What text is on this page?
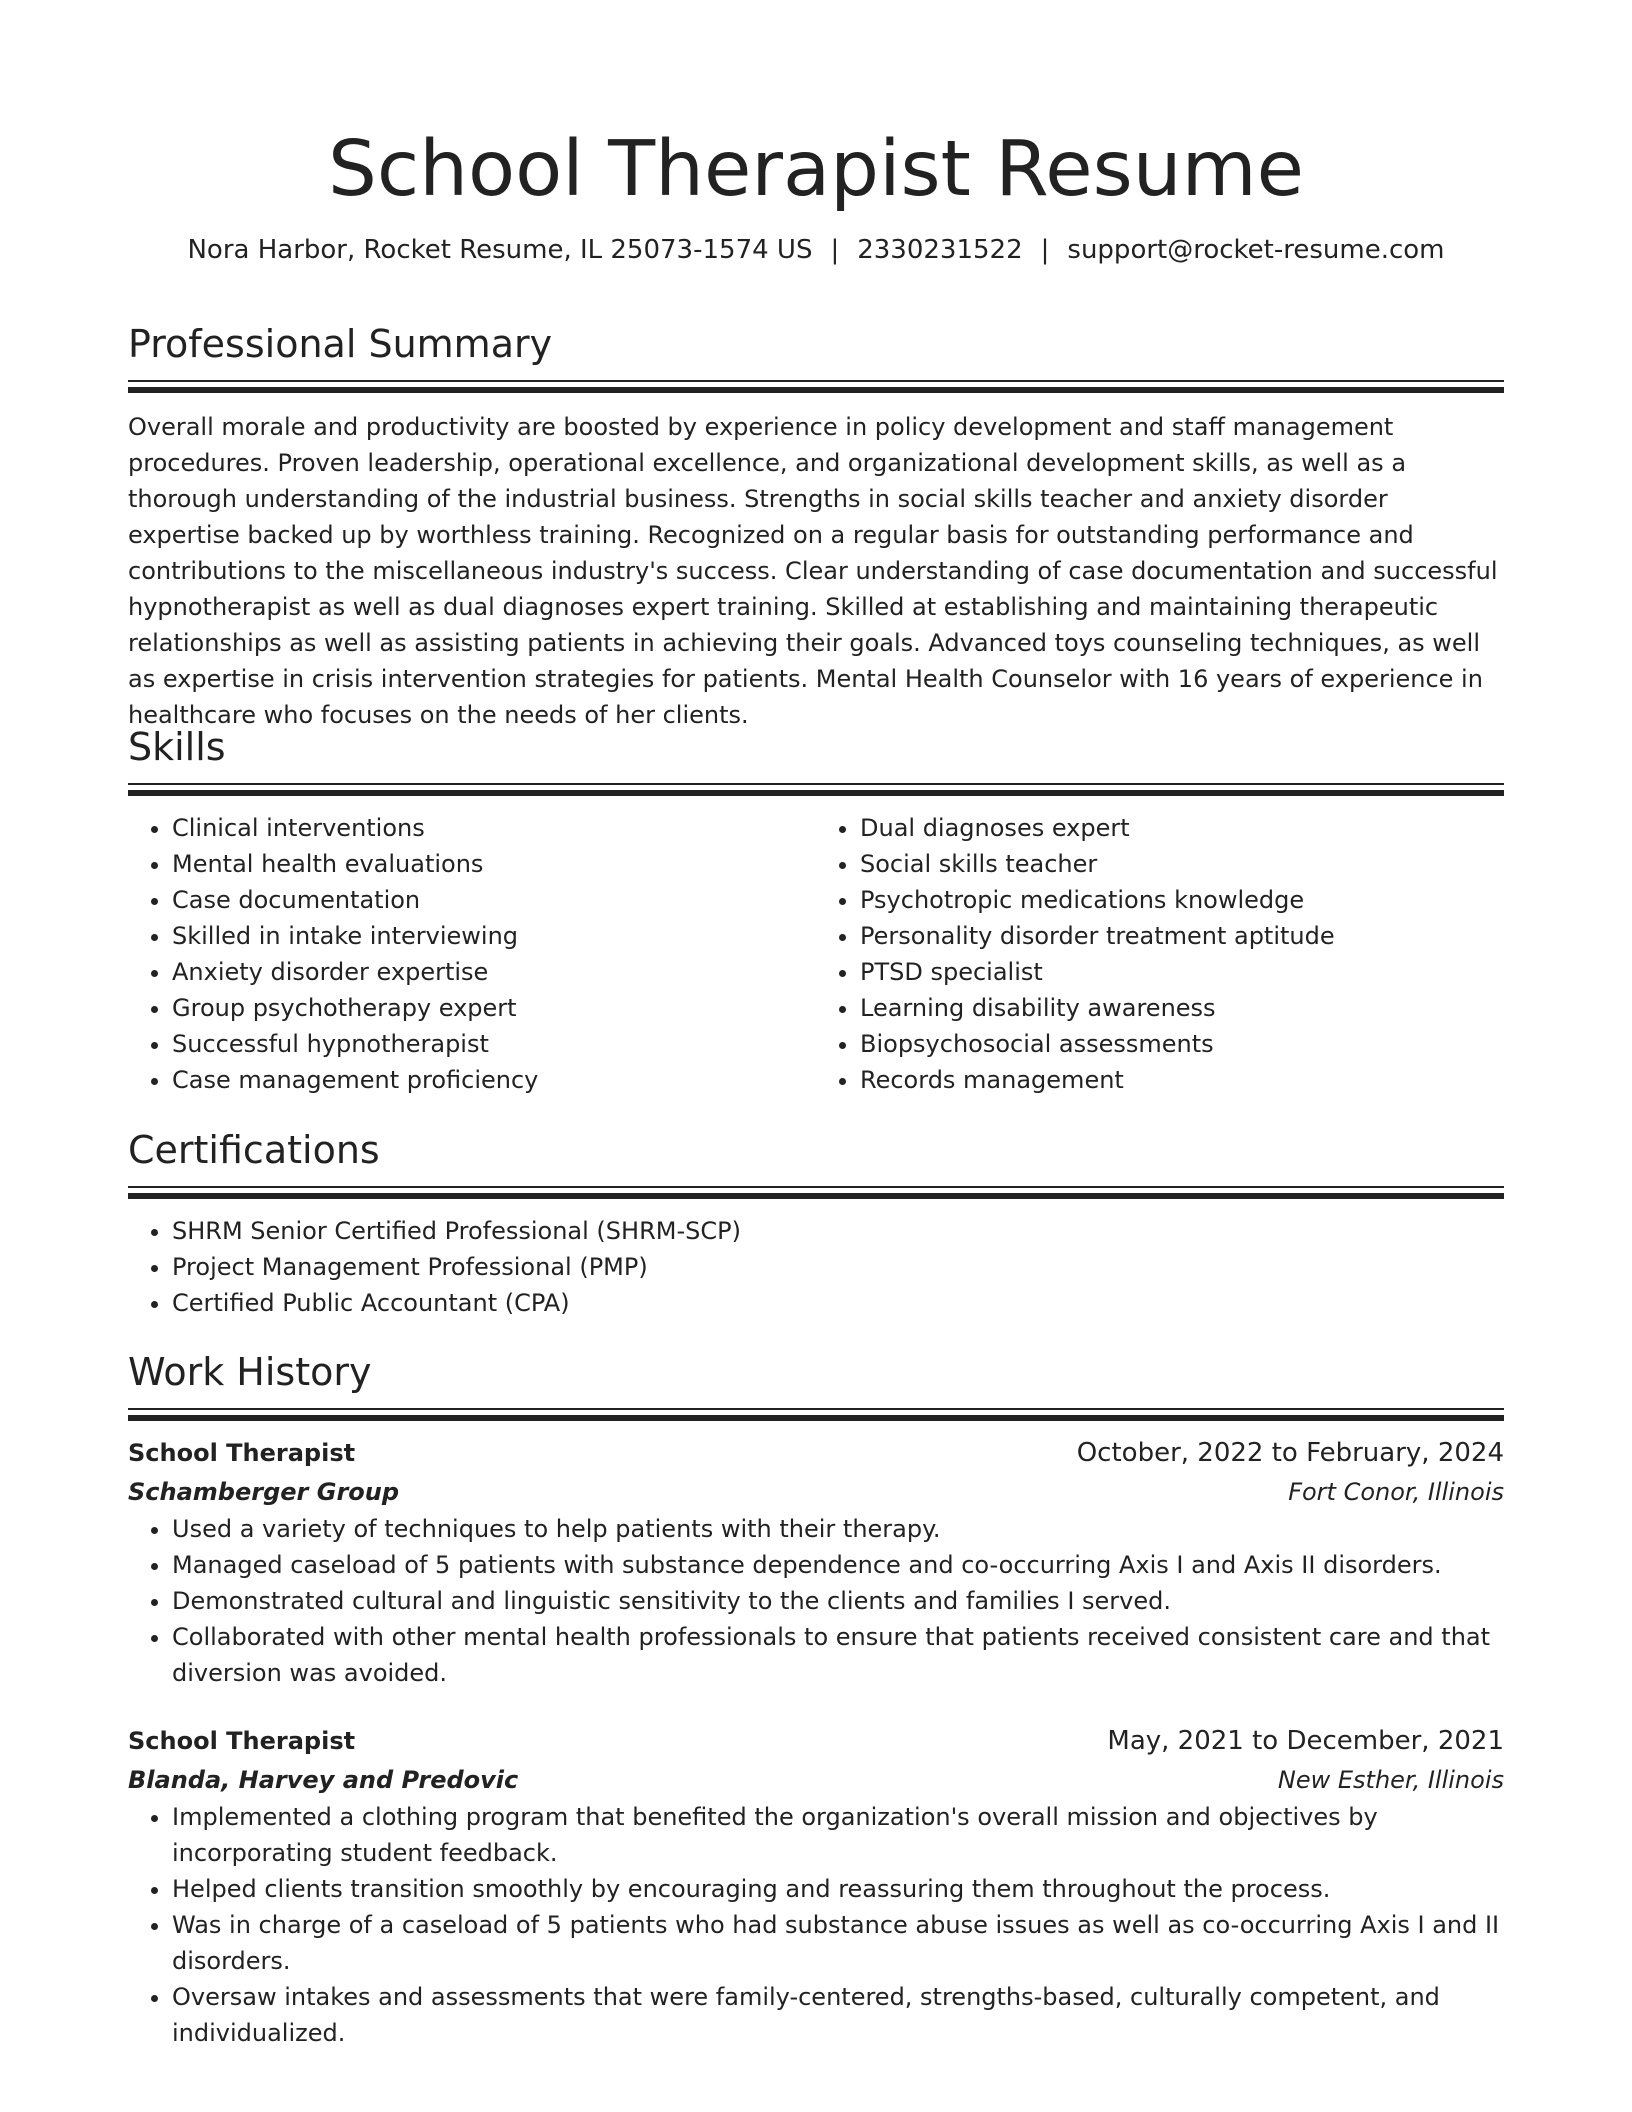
School Therapist Resume
Nora Harbor, Rocket Resume, IL 25073-1574 US | 2330231522 | support@rocket-resume.com
Professional Summary

Overall morale and productivity are boosted by experience in policy development and staff management procedures. Proven leadership, operational excellence, and organizational development skills, as well as a thorough understanding of the industrial business. Strengths in social skills teacher and anxiety disorder expertise backed up by worthless training. Recognized on a regular basis for outstanding performance and contributions to the miscellaneous industry's success. Clear understanding of case documentation and successful hypnotherapist as well as dual diagnoses expert training. Skilled at establishing and maintaining therapeutic relationships as well as assisting patients in achieving their goals. Advanced toys counseling techniques, as well as expertise in crisis intervention strategies for patients. Mental Health Counselor with 16 years of experience in healthcare who focuses on the needs of her clients.

Skills
• Clinical interventions
• Mental health evaluations
• Case documentation
• Skilled in intake interviewing
• Anxiety disorder expertise
• Group psychotherapy expert
• Successful hypnotherapist
• Case management proficiency
• Dual diagnoses expert
• Social skills teacher
• Psychotropic medications knowledge
• Personality disorder treatment aptitude
• PTSD specialist
• Learning disability awareness
• Biopsychosocial assessments
• Records management
Certifications
• SHRM Senior Certified Professional (SHRM-SCP)
• Project Management Professional (PMP)
• Certified Public Accountant (CPA)
Work History
School Therapist	October, 2022 to February, 2024
Schamberger Group	Fort Conor, Illinois
• Used a variety of techniques to help patients with their therapy.
• Managed caseload of 5 patients with substance dependence and co-occurring Axis I and Axis II disorders.
• Demonstrated cultural and linguistic sensitivity to the clients and families I served.
• Collaborated with other mental health professionals to ensure that patients received consistent care and that diversion was avoided.
School Therapist	May, 2021 to December, 2021
Blanda, Harvey and Predovic	New Esther, Illinois
• Implemented a clothing program that benefited the organization's overall mission and objectives by incorporating student feedback.
• Helped clients transition smoothly by encouraging and reassuring them throughout the process.
• Was in charge of a caseload of 5 patients who had substance abuse issues as well as co-occurring Axis I and II disorders.
• Oversaw intakes and assessments that were family-centered, strengths-based, culturally competent, and individualized.
